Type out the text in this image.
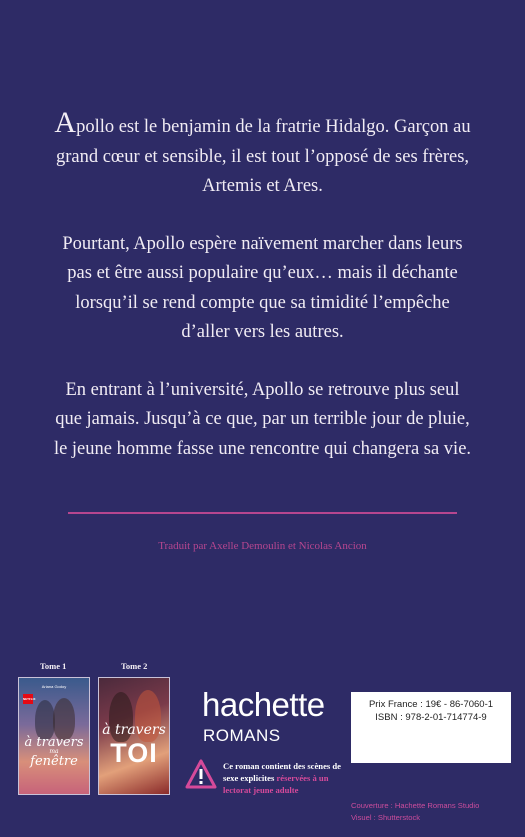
Apollo est le benjamin de la fratrie Hidalgo. Garçon au grand cœur et sensible, il est tout l’opposé de ses frères, Artemis et Ares.

Pourtant, Apollo espère naïvement marcher dans leurs pas et être aussi populaire qu’eux… mais il déchante lorsqu’il se rend compte que sa timidité l’empêche d’aller vers les autres.

En entrant à l’université, Apollo se retrouve plus seul que jamais. Jusqu’à ce que, par un terrible jour de pluie, le jeune homme fasse une rencontre qui changera sa vie.

Traduit par Axelle Demoulin et Nicolas Ancion
Tome 1	Tome 2
Ariana Godoy
NETFLIX
à travers
ma
fenêtre
à travers
TOI
hachette
ROMANS
Ce roman contient des scènes de sexe explicites réservées à un lectorat jeune adulte
Prix France : 19€ - 86-7060-1
ISBN : 978-2-01-714774-9
Couverture : Hachette Romans Studio
Visuel : Shutterstock
